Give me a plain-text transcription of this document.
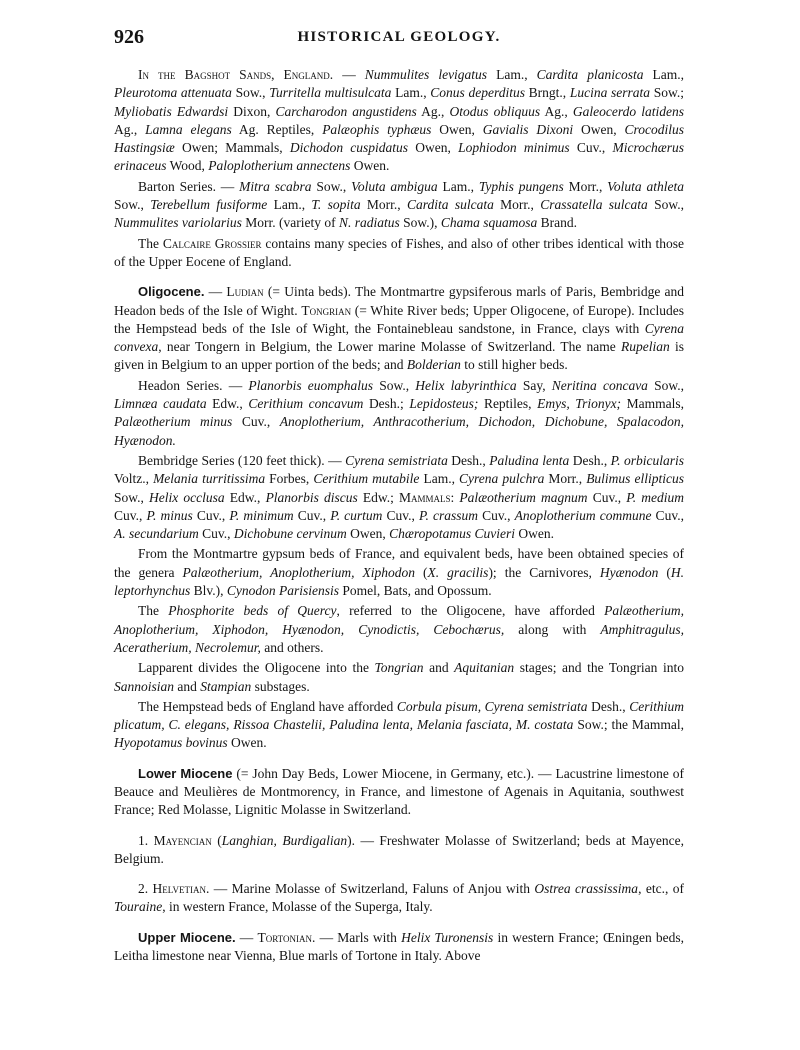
926	HISTORICAL GEOLOGY.

In the Bagshot Sands, England. — Nummulites levigatus Lam., Cardita planicosta Lam., Pleurotoma attenuata Sow., Turritella multisulcata Lam., Conus deperditus Brngt., Lucina serrata Sow.; Myliobatis Edwardsi Dixon, Carcharodon angustidens Ag., Otodus obliquus Ag., Galeocerdo latidens Ag., Lamna elegans Ag. Reptiles, Palæophis typhæus Owen, Gavialis Dixoni Owen, Crocodilus Hastingsiæ Owen; Mammals, Dichodon cuspidatus Owen, Lophiodon minimus Cuv., Microchærus erinaceus Wood, Paloplotherium annectens Owen.

Barton Series. — Mitra scabra Sow., Voluta ambigua Lam., Typhis pungens Morr., Voluta athleta Sow., Terebellum fusiforme Lam., T. sopita Morr., Cardita sulcata Morr., Crassatella sulcata Sow., Nummulites variolarius Morr. (variety of N. radiatus Sow.), Chama squamosa Brand.

The Calcaire Grossier contains many species of Fishes, and also of other tribes identical with those of the Upper Eocene of England.

Oligocene. — Ludian (= Uinta beds). The Montmartre gypsiferous marls of Paris, Bembridge and Headon beds of the Isle of Wight. Tongrian (= White River beds; Upper Oligocene, of Europe). Includes the Hempstead beds of the Isle of Wight, the Fontainebleau sandstone, in France, clays with Cyrena convexa, near Tongern in Belgium, the Lower marine Molasse of Switzerland. The name Rupelian is given in Belgium to an upper portion of the beds; and Bolderian to still higher beds.

Headon Series. — Planorbis euomphalus Sow., Helix labyrinthica Say, Neritina concava Sow., Limnæa caudata Edw., Cerithium concavum Desh.; Lepidosteus; Reptiles, Emys, Trionyx; Mammals, Palæotherium minus Cuv., Anoplotherium, Anthracotherium, Dichodon, Dichobune, Spalacodon, Hyænodon.

Bembridge Series (120 feet thick). — Cyrena semistriata Desh., Paludina lenta Desh., P. orbicularis Voltz., Melania turritissima Forbes, Cerithium mutabile Lam., Cyrena pulchra Morr., Bulimus ellipticus Sow., Helix occlusa Edw., Planorbis discus Edw.; Mammals: Palæotherium magnum Cuv., P. medium Cuv., P. minus Cuv., P. minimum Cuv., P. curtum Cuv., P. crassum Cuv., Anoplotherium commune Cuv., A. secundarium Cuv., Dichobune cervinum Owen, Chæropotamus Cuvieri Owen.

From the Montmartre gypsum beds of France, and equivalent beds, have been obtained species of the genera Palæotherium, Anoplotherium, Xiphodon (X. gracilis); the Carnivores, Hyænodon (H. leptorhynchus Blv.), Cynodon Parisiensis Pomel, Bats, and Opossum.

The Phosphorite beds of Quercy, referred to the Oligocene, have afforded Palæotherium, Anoplotherium, Xiphodon, Hyænodon, Cynodictis, Cebochærus, along with Amphitragulus, Aceratherium, Necrolemur, and others.

Lapparent divides the Oligocene into the Tongrian and Aquitanian stages; and the Tongrian into Sannoisian and Stampian substages.

The Hempstead beds of England have afforded Corbula pisum, Cyrena semistriata Desh., Cerithium plicatum, C. elegans, Rissoa Chastelii, Paludina lenta, Melania fasciata, M. costata Sow.; the Mammal, Hyopotamus bovinus Owen.

Lower Miocene (= John Day Beds, Lower Miocene, in Germany, etc.). — Lacustrine limestone of Beauce and Meulières de Montmorency, in France, and limestone of Agenais in Aquitania, southwest France; Red Molasse, Lignitic Molasse in Switzerland.

1. Mayencian (Langhian, Burdigalian). — Freshwater Molasse of Switzerland; beds at Mayence, Belgium.

2. Helvetian. — Marine Molasse of Switzerland, Faluns of Anjou with Ostrea crassissima, etc., of Touraine, in western France, Molasse of the Superga, Italy.

Upper Miocene. — Tortonian. — Marls with Helix Turonensis in western France; Œningen beds, Leitha limestone near Vienna, Blue marls of Tortone in Italy. Above
